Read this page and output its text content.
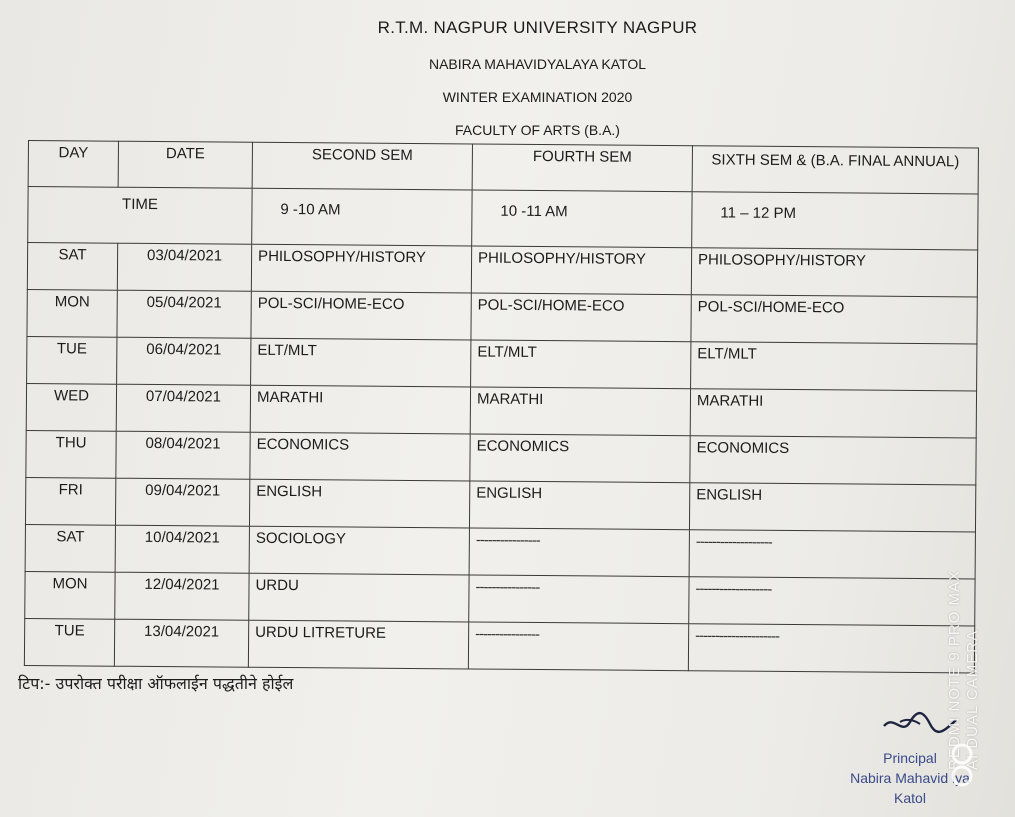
R.T.M. NAGPUR UNIVERSITY NAGPUR
NABIRA MAHAVIDYALAYA KATOL
WINTER EXAMINATION 2020
FACULTY OF ARTS (B.A.)
DAY	DATE	SECOND SEM	FOURTH SEM	SIXTH SEM & (B.A. FINAL ANNUAL)
TIME		9 -10 AM	10 -11 AM	11 – 12 PM
SAT	03/04/2021	PHILOSOPHY/HISTORY	PHILOSOPHY/HISTORY	PHILOSOPHY/HISTORY
MON	05/04/2021	POL-SCI/HOME-ECO	POL-SCI/HOME-ECO	POL-SCI/HOME-ECO
TUE	06/04/2021	ELT/MLT	ELT/MLT	ELT/MLT
WED	07/04/2021	MARATHI	MARATHI	MARATHI
THU	08/04/2021	ECONOMICS	ECONOMICS	ECONOMICS
FRI	09/04/2021	ENGLISH	ENGLISH	ENGLISH
SAT	10/04/2021	SOCIOLOGY	----------------	-------------------
MON	12/04/2021	URDU	----------------	-------------------
TUE	13/04/2021	URDU LITRETURE	----------------	---------------------
टिप:- उपरोक्त परीक्षा ऑफलाईन पद्धतीने होईल
Principal
Nabira Mahavid iya
Katol
REDMI NOTE 9 PRO MAX AI DUAL CAMERA
